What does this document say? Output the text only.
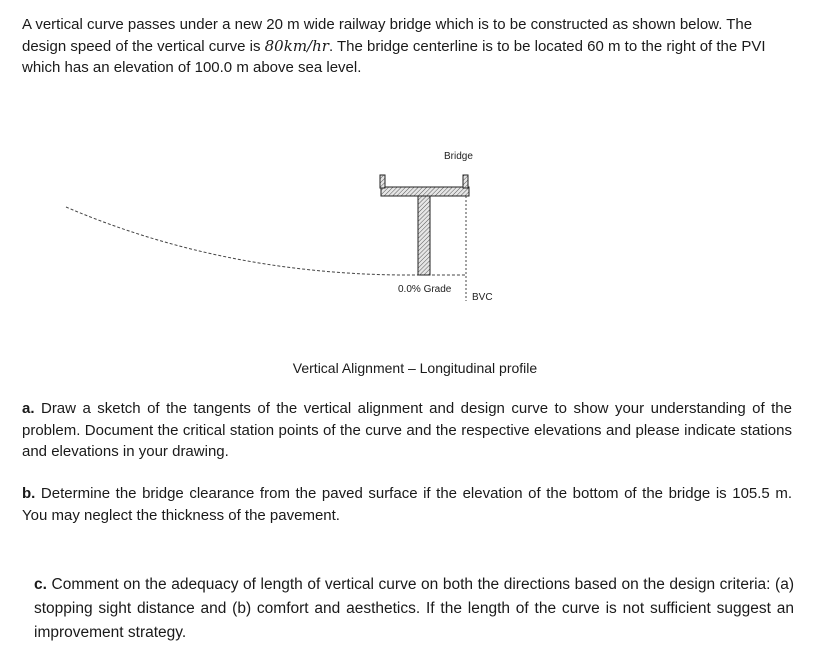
A vertical curve passes under a new 20 m wide railway bridge which is to be constructed as shown below. The design speed of the vertical curve is 80km/hr. The bridge centerline is to be located 60 m to the right of the PVI which has an elevation of 100.0 m above sea level.
Bridge
0.0% Grade
BVC
Vertical Alignment – Longitudinal profile
a. Draw a sketch of the tangents of the vertical alignment and design curve to show your understanding of the problem. Document the critical station points of the curve and the respective elevations and please indicate stations and elevations in your drawing.
b. Determine the bridge clearance from the paved surface if the elevation of the bottom of the bridge is 105.5 m. You may neglect the thickness of the pavement.
c. Comment on the adequacy of length of vertical curve on both the directions based on the design criteria: (a) stopping sight distance and (b) comfort and aesthetics. If the length of the curve is not sufficient suggest an improvement strategy.
